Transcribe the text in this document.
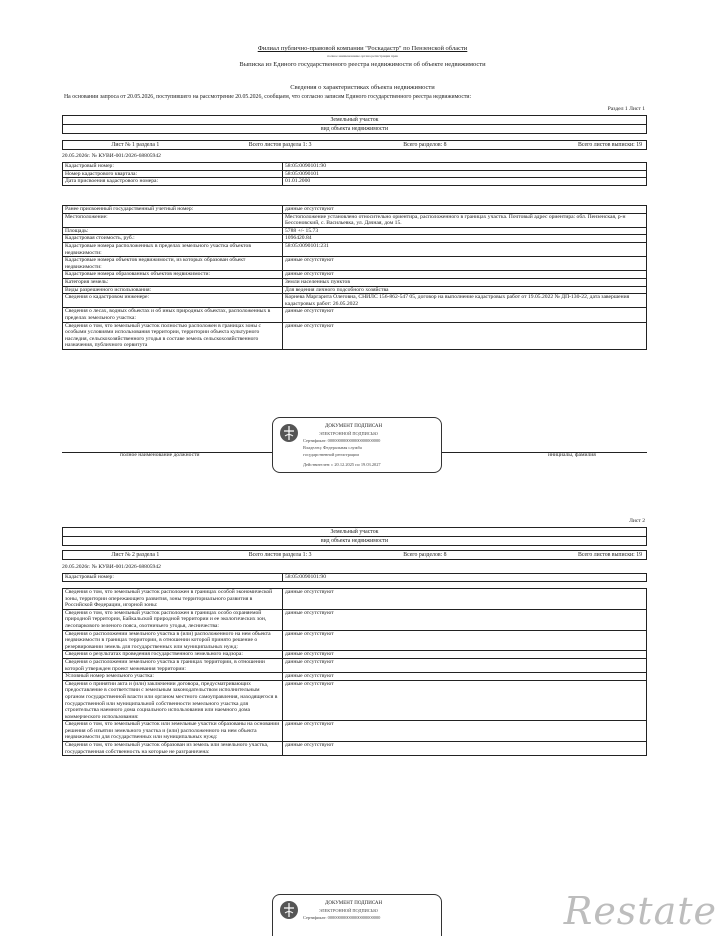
Филиал публично-правовой компании "Роскадастр" по Пензенской области
полное наименование органа регистрации прав
Выписка из Единого государственного реестра недвижимости об объекте недвижимости
Сведения о характеристиках объекта недвижимости
На основании запроса от 20.05.2026, поступившего на рассмотрение 20.05.2026, сообщаем, что согласно записям Единого государственного реестра недвижимости:
Раздел 1 Лист 1
Земельный участок
вид объекта недвижимости
Лист № 1 раздела 1	Всего листов раздела 1: 3	Всего разделов: 8	Всего листов выписки: 19
20.05.2026г. № КУВИ-001/2026-68805942
Кадастровый номер:	58:05:0090101:90
Номер кадастрового квартала:	58:05:0090101
Дата присвоения кадастрового номера:	01.01.2000
Ранее присвоенный государственный учетный номер:	данные отсутствуют
Местоположение:	Местоположение установлено относительно ориентира, расположенного в границах участка. Почтовый адрес ориентира: обл. Пензенская, р-н Бессоновский, с. Васильевка, ул. Дачная, дом 15.
Площадь:	5788 +/- 15.73
Кадастровая стоимость, руб.:	1096420.84
Кадастровые номера расположенных в пределах земельного участка объектов недвижимости:	58:05:0090101:231
Кадастровые номера объектов недвижимости, из которых образован объект недвижимости:	данные отсутствуют
Кадастровые номера образованных объектов недвижимости:	данные отсутствуют
Категория земель:	Земли населенных пунктов
Виды разрешенного использования:	Для ведения личного подсобного хозяйства
Сведения о кадастровом инженере:	Корнева Маргарита Олеговна, СНИЛС 156-862-547 05, договор на выполнение кадастровых работ от 19.05.2022 № ДП-130-22, дата завершения кадастровых работ: 26.05.2022
Сведения о лесах, водных объектах и об иных природных объектах, расположенных в пределах земельного участка:	данные отсутствуют
Сведения о том, что земельный участок полностью расположен в границах зоны с особыми условиями использования территории, территории объекта культурного наследия, сельскохозяйственного угодья в составе земель сельскохозяйственного назначения, публичного сервитута	данные отсутствуют
полное наименование должности	инициалы, фамилия
ДОКУМЕНТ ПОДПИСАН
ЭЛЕКТРОННОЙ ПОДПИСЬЮ
Сертификат: 000000000000000000000000
Владелец: Федеральная служба
государственной регистрации
Действителен: с 20.12.2025 по 19.03.2027
Лист 2
Земельный участок
вид объекта недвижимости
Лист № 2 раздела 1	Всего листов раздела 1: 3	Всего разделов: 8	Всего листов выписки: 19
20.05.2026г. № КУВИ-001/2026-68805942
Кадастровый номер:	58:05:0090101:90
Сведения о том, что земельный участок расположен в границах особой экономической зоны, территории опережающего развития, зоны территориального развития в Российской Федерации, игорной зоны:	данные отсутствуют
Сведения о том, что земельный участок расположен в границах особо охраняемой природной территории, Байкальской природной территории и ее экологических зон, лесопаркового зеленого пояса, охотничьего угодья, лесничества:	данные отсутствуют
Сведения о расположении земельного участка в (или) расположенного на нем объекта недвижимости в границах территории, в отношении которой принято решение о резервировании земель для государственных или муниципальных нужд:	данные отсутствуют
Сведения о результатах проведения государственного земельного надзора:	данные отсутствуют
Сведения о расположении земельного участка в границах территории, в отношении которой утвержден проект межевания территории:	данные отсутствуют
Условный номер земельного участка:	данные отсутствуют
Сведения о принятии акта и (или) заключении договора, предусматривающих предоставление в соответствии с земельным законодательством исполнительным органом государственной власти или органом местного самоуправления, находящегося в государственной или муниципальной собственности земельного участка для строительства наемного дома социального использования или наемного дома коммерческого использования:	данные отсутствуют
Сведения о том, что земельный участок или земельные участки образованы на основании решения об изъятии земельного участка и (или) расположенного на нем объекта недвижимости для государственных или муниципальных нужд:	данные отсутствуют
Сведения о том, что земельный участок образован из земель или земельного участка, государственная собственность на которые не разграничена:	данные отсутствуют
ДОКУМЕНТ ПОДПИСАН
ЭЛЕКТРОННОЙ ПОДПИСЬЮ
Сертификат: 000000000000000000000000	Restate
